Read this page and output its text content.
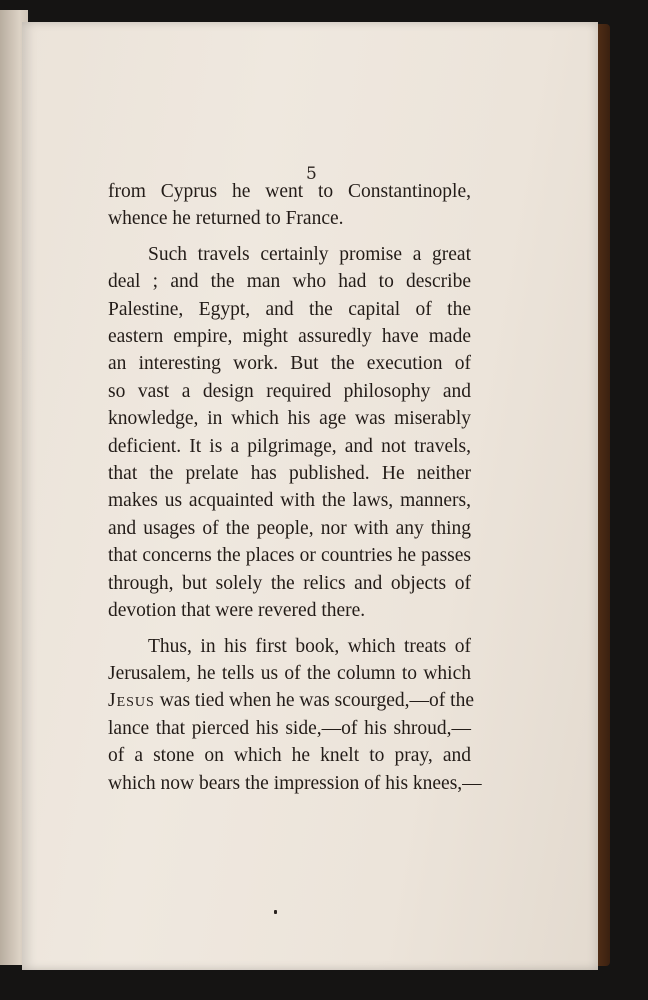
5

from Cyprus he went to Constantinople,
whence he returned to France.

Such travels certainly promise a great
deal ; and the man who had to describe
Palestine, Egypt, and the capital of the
eastern empire, might assuredly have made
an interesting work. But the execution of
so vast a design required philosophy and
knowledge, in which his age was miserably
deficient. It is a pilgrimage, and not travels,
that the prelate has published. He neither
makes us acquainted with the laws, manners,
and usages of the people, nor with any thing
that concerns the places or countries he passes
through, but solely the relics and objects of
devotion that were revered there.

Thus, in his first book, which treats of
Jerusalem, he tells us of the column to which
Jesus was tied when he was scourged,—of the
lance that pierced his side,—of his shroud,—
of a stone on which he knelt to pray, and
which now bears the impression of his knees,—
